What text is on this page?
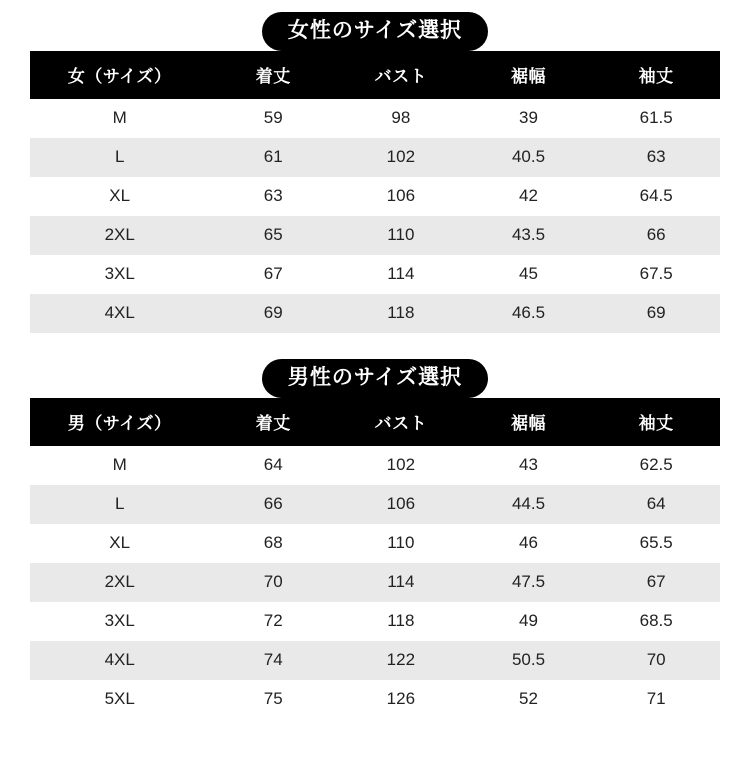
女性のサイズ選択
女（サイズ）	着丈	バスト	裾幅	袖丈
M	59	98	39	61.5
L	61	102	40.5	63
XL	63	106	42	64.5
2XL	65	110	43.5	66
3XL	67	114	45	67.5
4XL	69	118	46.5	69
男性のサイズ選択
男（サイズ）	着丈	バスト	裾幅	袖丈
M	64	102	43	62.5
L	66	106	44.5	64
XL	68	110	46	65.5
2XL	70	114	47.5	67
3XL	72	118	49	68.5
4XL	74	122	50.5	70
5XL	75	126	52	71
